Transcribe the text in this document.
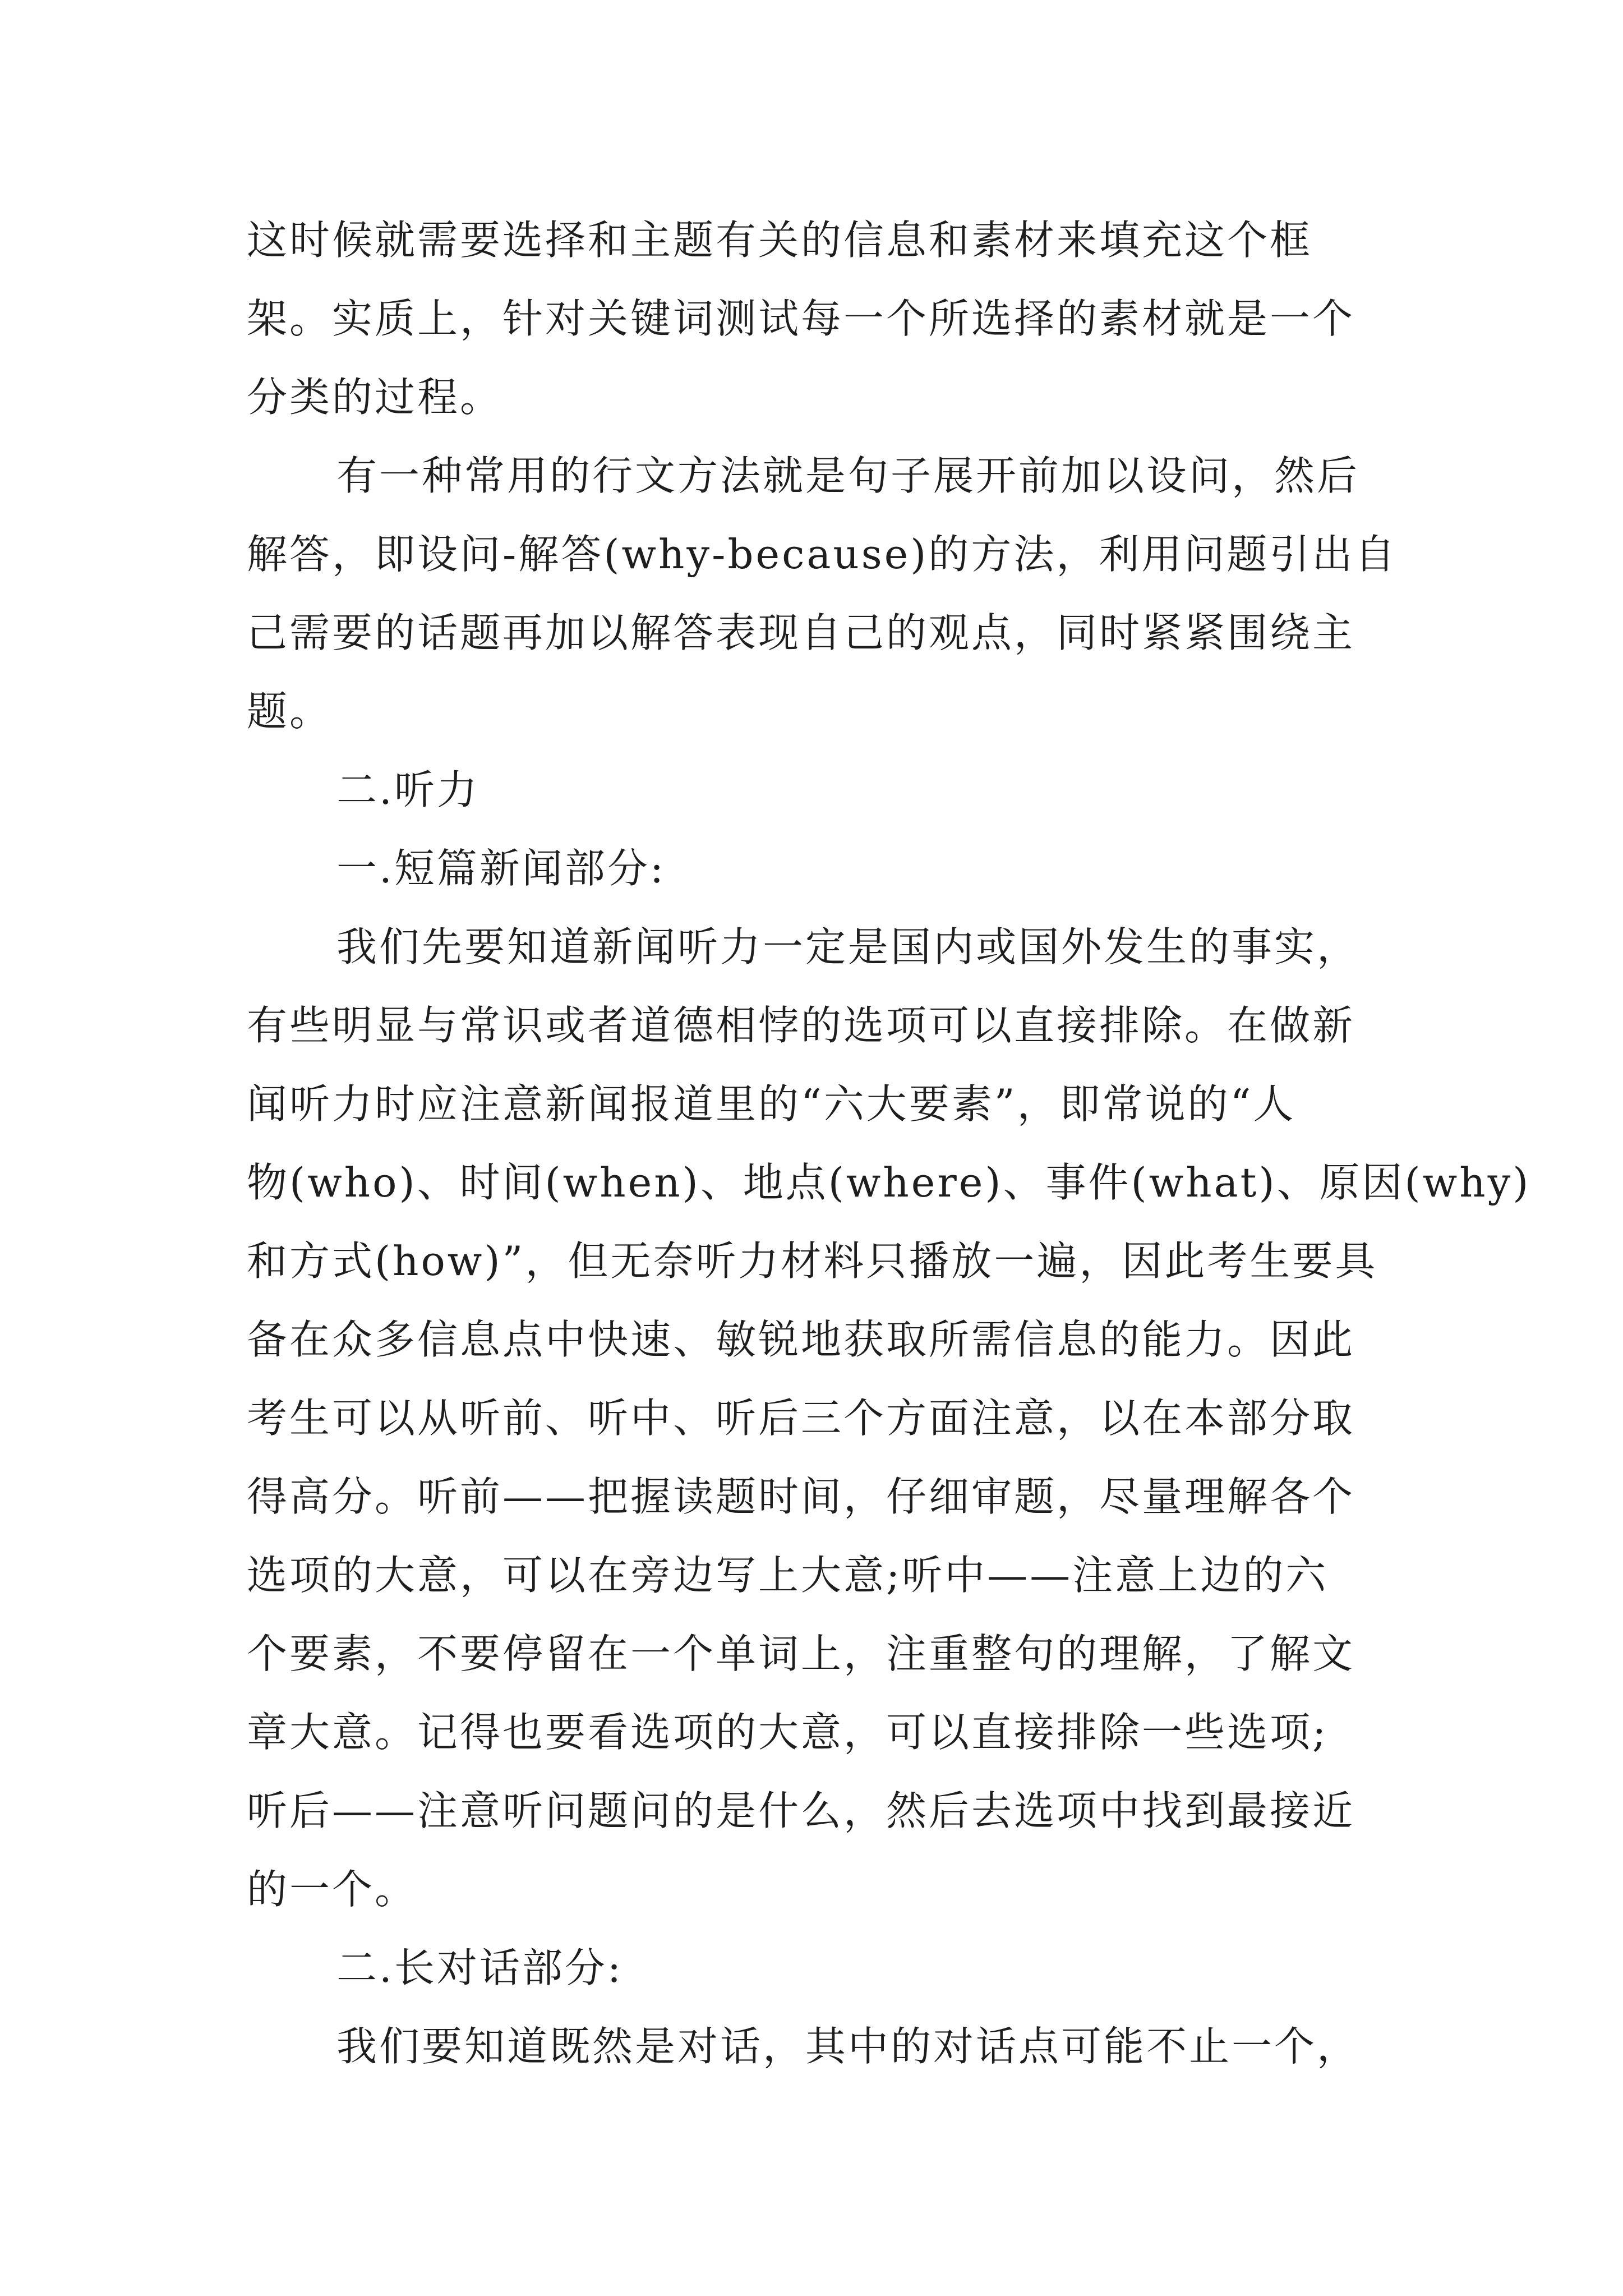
这时候就需要选择和主题有关的信息和素材来填充这个框

架。实质上，针对关键词测试每一个所选择的素材就是一个

分类的过程。

有一种常用的行文方法就是句子展开前加以设问，然后

解答，即设问-解答(why-because)的方法，利用问题引出自

己需要的话题再加以解答表现自己的观点，同时紧紧围绕主

题。

二.听力

一.短篇新闻部分:

我们先要知道新闻听力一定是国内或国外发生的事实，

有些明显与常识或者道德相悖的选项可以直接排除。在做新

闻听力时应注意新闻报道里的“六大要素”，即常说的“人

物(who)、时间(when)、地点(where)、事件(what)、原因(why)

和方式(how)”，但无奈听力材料只播放一遍，因此考生要具

备在众多信息点中快速、敏锐地获取所需信息的能力。因此

考生可以从听前、听中、听后三个方面注意，以在本部分取

得高分。听前——把握读题时间，仔细审题，尽量理解各个

选项的大意，可以在旁边写上大意;听中——注意上边的六

个要素，不要停留在一个单词上，注重整句的理解，了解文

章大意。记得也要看选项的大意，可以直接排除一些选项;

听后——注意听问题问的是什么，然后去选项中找到最接近

的一个。

二.长对话部分:

我们要知道既然是对话，其中的对话点可能不止一个，
